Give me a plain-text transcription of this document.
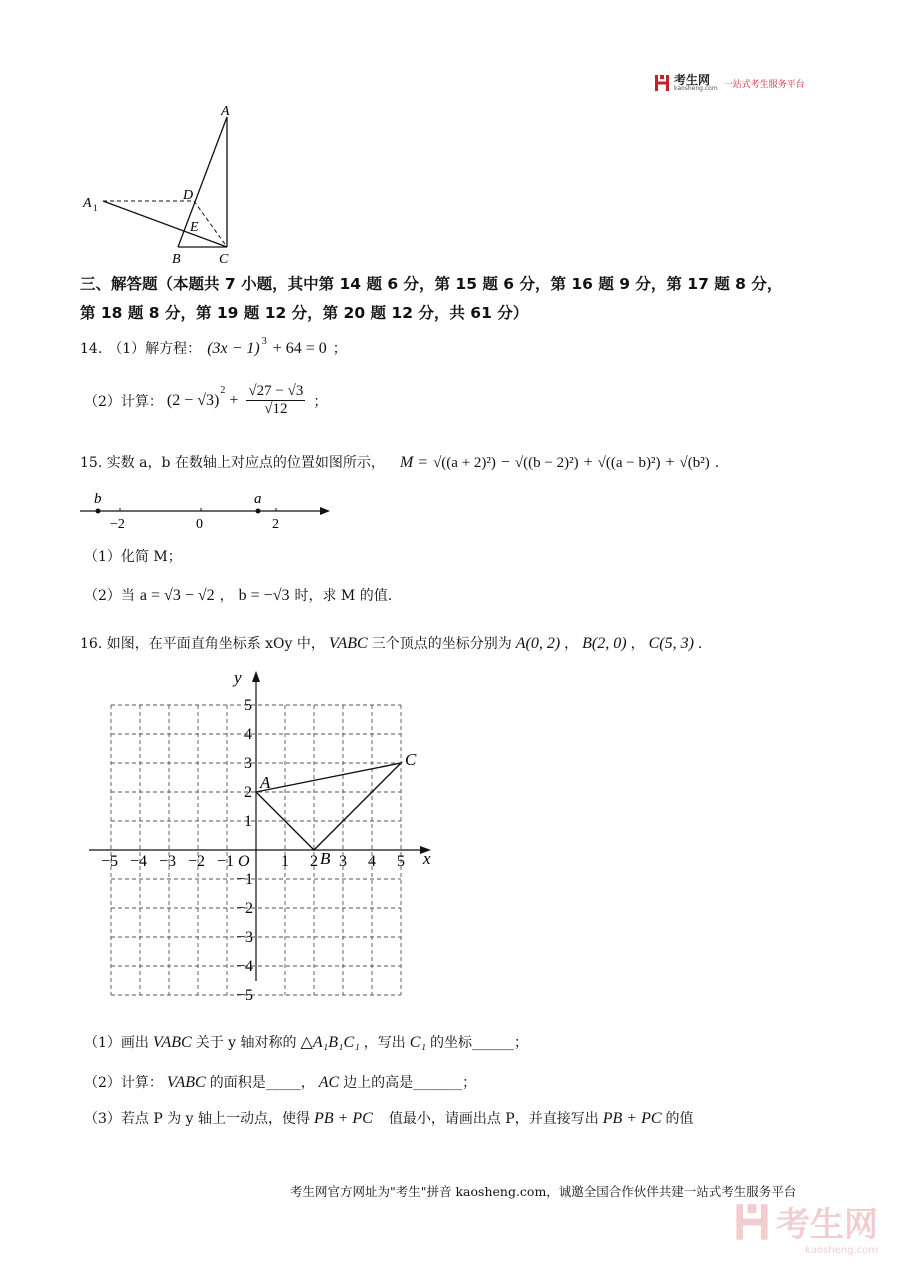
考生网
kaosheng.com 一站式考生服务平台
A
A 1
D
E
B	C
三、解答题（本题共 7 小题，其中第 14 题 6 分，第 15 题 6 分，第 16 题 9 分，第 17 题 8 分，
第 18 题 8 分，第 19 题 12 分，第 20 题 12 分，共 61 分）
14. （1）解方程： (3x − 1) 3 + 64 = 0 ；
（2）计算： (2 − √3)
2
+ $\frac{√27 - √3}{√12}$ ；
15. 实数 a，b 在数轴上对应点的位置如图所示， M = √((a + 2)²) − √((b − 2)²) + √((a − b)²) + √(b²) .
b	a
−2	0	2
（1）化简 M；
（2）当 a = √3 − √2 ， b = −√3 时，求 M 的值.
16. 如图，在平面直角坐标系 xOy 中， VABC 三个顶点的坐标分别为 A(0, 2) ， B(2, 0) ， C(5, 3) .
x
y
O
−5 −4 −3 −2 −1	1 2 3 4 5
5
4
3
2
1
−1
−2
−3
−4
−5
A
B
C
（1）画出 VABC 关于 y 轴对称的 △A₁B₁C₁ ，写出 C₁ 的坐标______；
（2）计算： VABC 的面积是_____， AC 边上的高是_______；
（3）若点 P 为 y 轴上一动点，使得 PB + PC 值最小，请画出点 P，并直接写出 PB + PC 的值
考生网官方网址为"考生"拼音 kaosheng.com，诚邀全国合作伙伴共建一站式考生服务平台
考生网
kaosheng.com
